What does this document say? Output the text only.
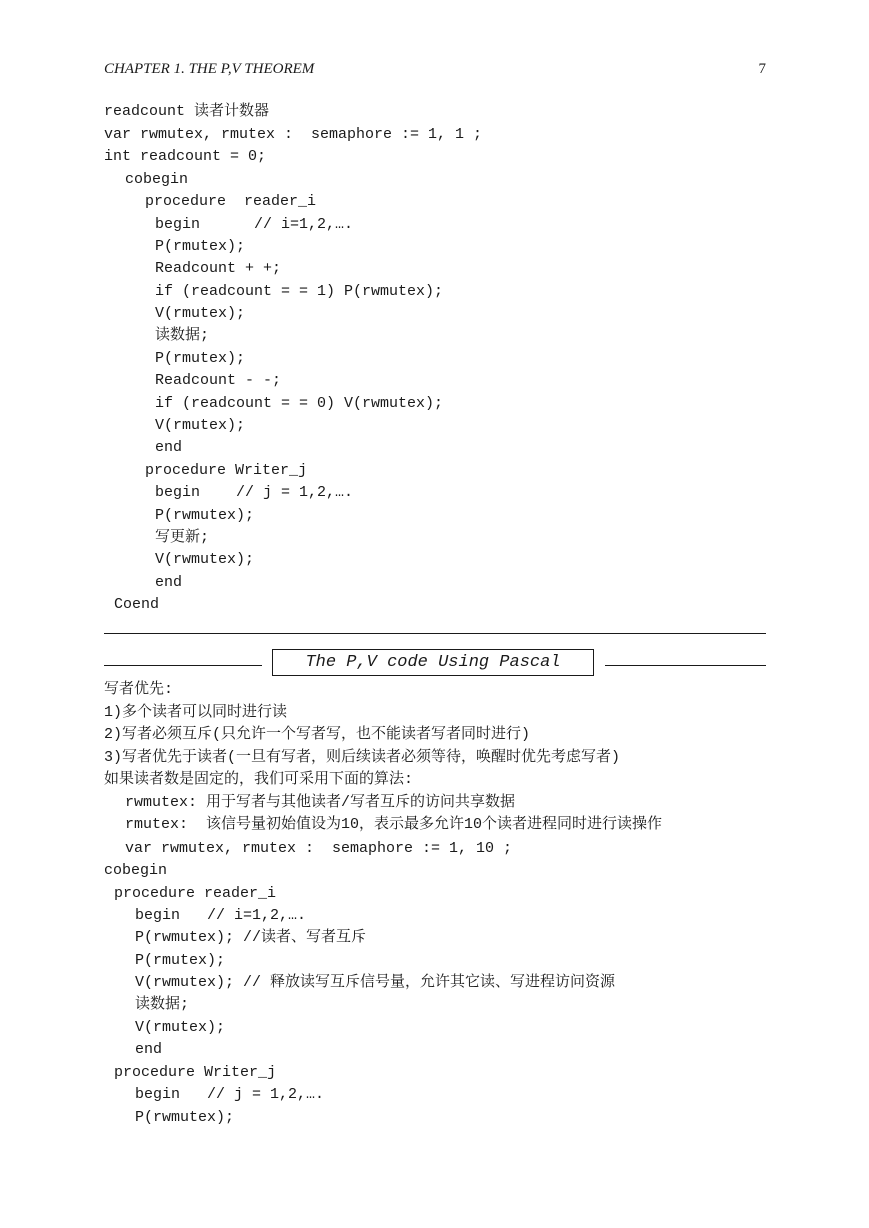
CHAPTER 1. THE P,V THEOREM	7
readcount 读者计数器
var rwmutex, rmutex :  semaphore := 1, 1 ;
int readcount = 0;
cobegin
procedure  reader_i
begin      // i=1,2,….
P(rmutex);
Readcount + +;
if (readcount = = 1) P(rwmutex);
V(rmutex);
读数据;
P(rmutex);
Readcount - -;
if (readcount = = 0) V(rwmutex);
V(rmutex);
end
procedure Writer_j
begin    // j = 1,2,….
P(rwmutex);
写更新;
V(rwmutex);
end
Coend
The P,V code Using Pascal
写者优先:
1)多个读者可以同时进行读
2)写者必须互斥(只允许一个写者写，也不能读者写者同时进行)
3)写者优先于读者(一旦有写者，则后续读者必须等待，唤醒时优先考虑写者)
如果读者数是固定的，我们可采用下面的算法:
rwmutex: 用于写者与其他读者/写者互斥的访问共享数据
rmutex:  该信号量初始值设为10，表示最多允许10个读者进程同时进行读操作
var rwmutex, rmutex :  semaphore := 1, 10 ;
cobegin
procedure reader_i
begin   // i=1,2,….
P(rwmutex); //读者、写者互斥
P(rmutex);
V(rwmutex); // 释放读写互斥信号量，允许其它读、写进程访问资源
读数据;
V(rmutex);
end
procedure Writer_j
begin   // j = 1,2,….
P(rwmutex);
